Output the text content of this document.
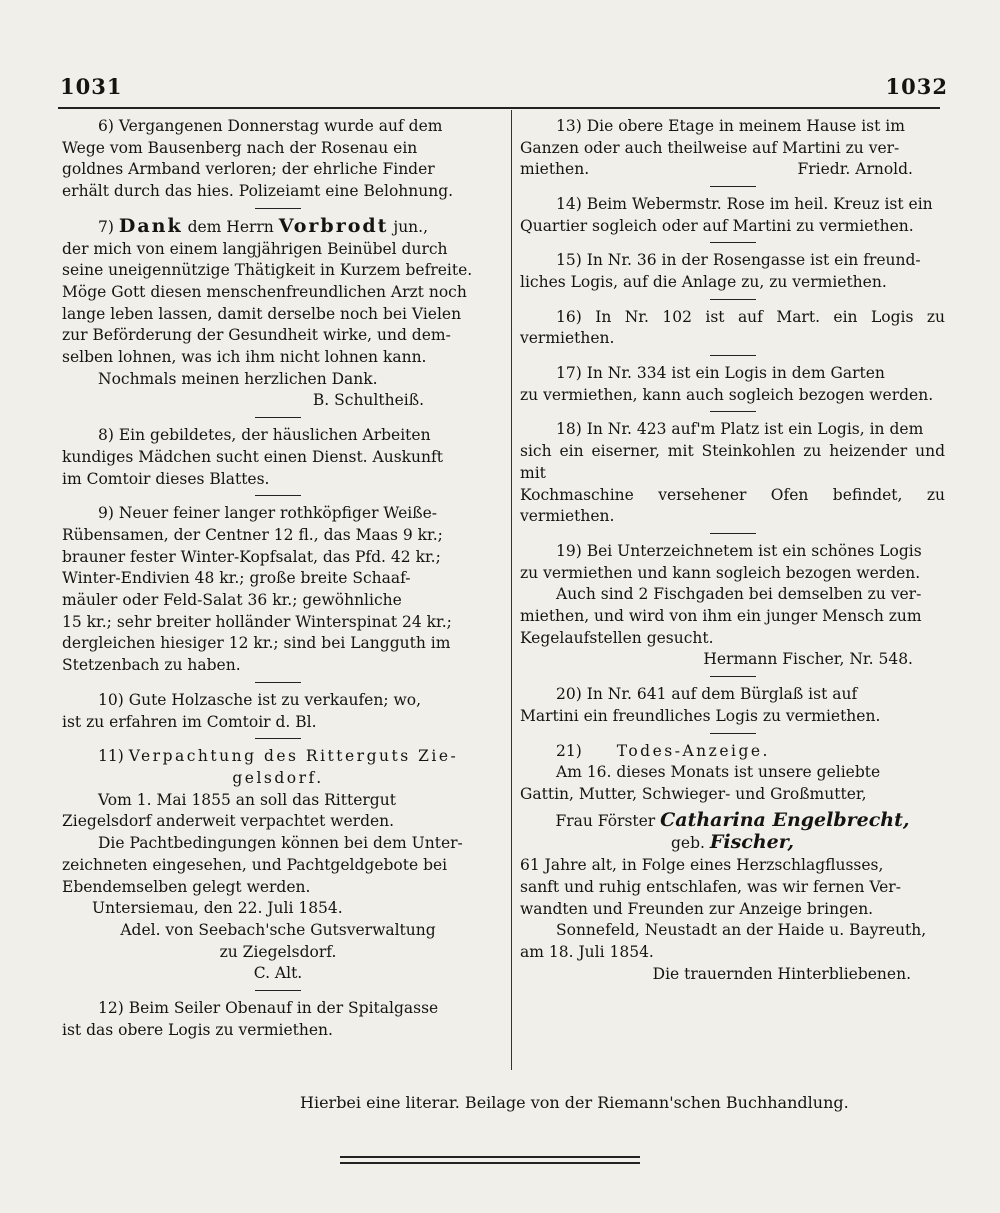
1031	1032

6) Vergangenen Donnerstag wurde auf dem

Wege vom Bausenberg nach der Rosenau ein

goldnes Armband verloren; der ehrliche Finder

erhält durch das hies. Polizeiamt eine Belohnung.

7) Dank dem Herrn Vorbrodt jun.,

der mich von einem langjährigen Beinübel durch

seine uneigennützige Thätigkeit in Kurzem befreite.

Möge Gott diesen menschenfreundlichen Arzt noch

lange leben lassen, damit derselbe noch bei Vielen

zur Beförderung der Gesundheit wirke, und dem-

selben lohnen, was ich ihm nicht lohnen kann.

Nochmals meinen herzlichen Dank.

B. Schultheiß.

8) Ein gebildetes, der häuslichen Arbeiten

kundiges Mädchen sucht einen Dienst. Auskunft

im Comtoir dieses Blattes.

9) Neuer feiner langer rothköpfiger Weiße-

Rübensamen, der Centner 12 fl., das Maas 9 kr.;

brauner fester Winter-Kopfsalat, das Pfd. 42 kr.;

Winter-Endivien 48 kr.; große breite Schaaf-

mäuler oder Feld-Salat 36 kr.; gewöhnliche

15 kr.; sehr breiter holländer Winterspinat 24 kr.;

dergleichen hiesiger 12 kr.; sind bei Langguth im

Stetzenbach zu haben.

10) Gute Holzasche ist zu verkaufen; wo,

ist zu erfahren im Comtoir d. Bl.

11) Verpachtung des Ritterguts Zie-

gelsdorf.

Vom 1. Mai 1855 an soll das Rittergut

Ziegelsdorf anderweit verpachtet werden.

Die Pachtbedingungen können bei dem Unter-

zeichneten eingesehen, und Pachtgeldgebote bei

Ebendemselben gelegt werden.

Untersiemau, den 22. Juli 1854.

Adel. von Seebach'sche Gutsverwaltung

zu Ziegelsdorf.

C. Alt.

12) Beim Seiler Obenauf in der Spitalgasse

ist das obere Logis zu vermiethen.

13) Die obere Etage in meinem Hause ist im

Ganzen oder auch theilweise auf Martini zu ver-

miethen.	Friedr. Arnold.

14) Beim Webermstr. Rose im heil. Kreuz ist ein

Quartier sogleich oder auf Martini zu vermiethen.

15) In Nr. 36 in der Rosengasse ist ein freund-

liches Logis, auf die Anlage zu, zu vermiethen.

16) In Nr. 102 ist auf Mart. ein Logis zu vermiethen.

17) In Nr. 334 ist ein Logis in dem Garten

zu vermiethen, kann auch sogleich bezogen werden.

18) In Nr. 423 auf'm Platz ist ein Logis, in dem

sich ein eiserner, mit Steinkohlen zu heizender und mit

Kochmaschine versehener Ofen befindet, zu vermiethen.

19) Bei Unterzeichnetem ist ein schönes Logis

zu vermiethen und kann sogleich bezogen werden.

Auch sind 2 Fischgaden bei demselben zu ver-

miethen, und wird von ihm ein junger Mensch zum

Kegelaufstellen gesucht.

Hermann Fischer, Nr. 548.

20) In Nr. 641 auf dem Bürglaß ist auf

Martini ein freundliches Logis zu vermiethen.

21) Todes-Anzeige.

Am 16. dieses Monats ist unsere geliebte

Gattin, Mutter, Schwieger- und Großmutter,

Frau Förster Catharina Engelbrecht,

geb. Fischer,

61 Jahre alt, in Folge eines Herzschlagflusses,

sanft und ruhig entschlafen, was wir fernen Ver-

wandten und Freunden zur Anzeige bringen.

Sonnefeld, Neustadt an der Haide u. Bayreuth,

am 18. Juli 1854.

Die trauernden Hinterbliebenen.

Hierbei eine literar. Beilage von der Riemann'schen Buchhandlung.
